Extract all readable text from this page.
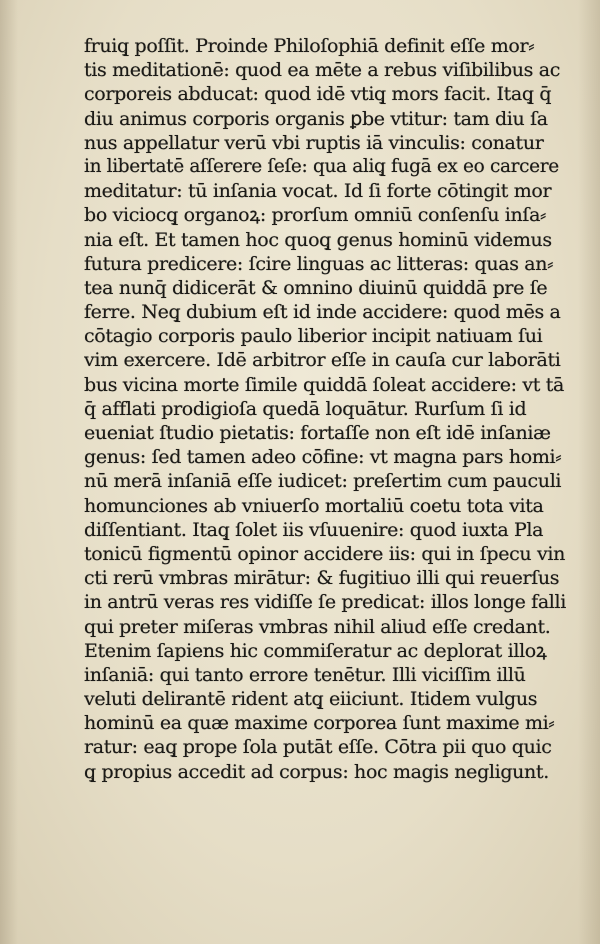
fruiq̧ poſſit. Proinde Philoſophiā definit eſſe mor⸗
tis meditationē: quod ea mēte a rebus viſibilibus ac
corporeis abducat: quod idē vtiq̧ mors facit. Itaq̧ q̄
diu animus corporis organis ꝑbe vtitur: tam diu ſa
nus appellatur verū vbi ruptis iā vinculis: conatur
in libertatē aſſerere ſeſe: qua aliq̧ fugā ex eo carcere
meditatur: tū inſania vocat. Id ſi forte cōtingit mor
bo viciocq̧ organoꝝ: prorſum omniū conſenſu inſa⸗
nia eſt. Et tamen hoc quoq̧ genus hominū videmus
futura predicere: ſcire linguas ac litteras: quas an⸗
tea nunq̄ didicerāt & omnino diuinū quiddā pre ſe
ferre. Neq̧ dubium eſt id inde accidere: quod mēs a
cōtagio corporis paulo liberior incipit natiuam ſui
vim exercere. Idē arbitror eſſe in cauſa cur laborāti
bus vicina morte ſimile quiddā ſoleat accidere: vt tā
q̄ afflati prodigioſa quedā loquātur. Rurſum ſi id
eueniat ſtudio pietatis: fortaſſe non eſt idē inſaniæ
genus: ſed tamen adeo cōfine: vt magna pars homi⸗
nū merā inſaniā eſſe iudicet: preſertim cum pauculi
homunciones ab vniuerſo mortaliū coetu tota vita
diſſentiant. Itaq̧ ſolet iis vſuuenire: quod iuxta Pla
tonicū figmentū opinor accidere iis: qui in ſpecu vin
cti rerū vmbras mirātur: & fugitiuo illi qui reuerſus
in antrū veras res vidiſſe ſe predicat: illos longe falli
qui preter miſeras vmbras nihil aliud eſſe credant.
Etenim ſapiens hic commiſeratur ac deplorat illoꝝ
inſaniā: qui tanto errore tenētur. Illi viciſſim illū
veluti delirantē rident atq̧ eiiciunt. Itidem vulgus
hominū ea quæ maxime corporea ſunt maxime mi⸗
ratur: eaq̧ prope ſola putāt eſſe. Cōtra pii quo quic
q̧ propius accedit ad corpus: hoc magis negligunt.
